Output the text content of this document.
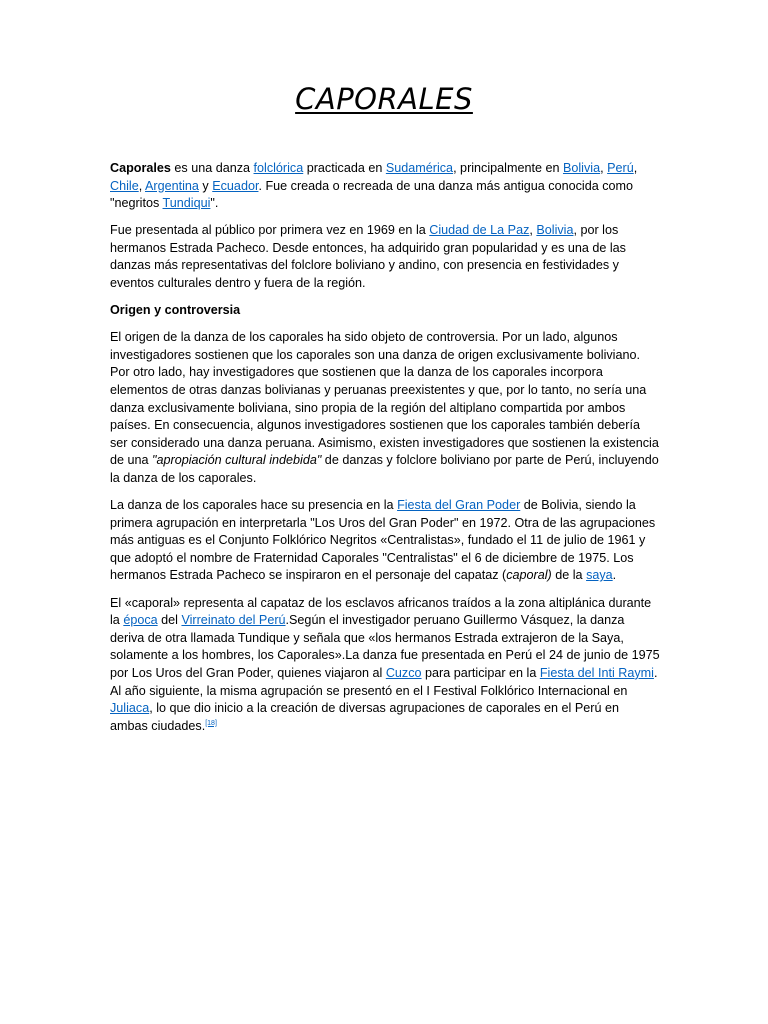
CAPORALES

Caporales es una danza folclórica practicada en Sudamérica, principalmente en Bolivia, Perú, Chile, Argentina y Ecuador. Fue creada o recreada de una danza más antigua conocida como "negritos Tundiqui".

Fue presentada al público por primera vez en 1969 en la Ciudad de La Paz, Bolivia, por los hermanos Estrada Pacheco. Desde entonces, ha adquirido gran popularidad y es una de las danzas más representativas del folclore boliviano y andino, con presencia en festividades y eventos culturales dentro y fuera de la región.

Origen y controversia

El origen de la danza de los caporales ha sido objeto de controversia. Por un lado, algunos investigadores sostienen que los caporales son una danza de origen exclusivamente boliviano. Por otro lado, hay investigadores que sostienen que la danza de los caporales incorpora elementos de otras danzas bolivianas y peruanas preexistentes y que, por lo tanto, no sería una danza exclusivamente boliviana, sino propia de la región del altiplano compartida por ambos países. En consecuencia, algunos investigadores sostienen que los caporales también debería ser considerado una danza peruana. Asimismo, existen investigadores que sostienen la existencia de una "apropiación cultural indebida" de danzas y folclore boliviano por parte de Perú, incluyendo la danza de los caporales.

La danza de los caporales hace su presencia en la Fiesta del Gran Poder de Bolivia, siendo la primera agrupación en interpretarla "Los Uros del Gran Poder" en 1972. Otra de las agrupaciones más antiguas es el Conjunto Folklórico Negritos «Centralistas», fundado el 11 de julio de 1961 y que adoptó el nombre de Fraternidad Caporales "Centralistas" el 6 de diciembre de 1975. Los hermanos Estrada Pacheco se inspiraron en el personaje del capataz (caporal) de la saya.

El «caporal» representa al capataz de los esclavos africanos traídos a la zona altiplánica durante la época del Virreinato del Perú.Según el investigador peruano Guillermo Vásquez, la danza deriva de otra llamada Tundique y señala que «los hermanos Estrada extrajeron de la Saya, solamente a los hombres, los Caporales».La danza fue presentada en Perú el 24 de junio de 1975 por Los Uros del Gran Poder, quienes viajaron al Cuzco para participar en la Fiesta del Inti Raymi. Al año siguiente, la misma agrupación se presentó en el I Festival Folklórico Internacional en Juliaca, lo que dio inicio a la creación de diversas agrupaciones de caporales en el Perú en ambas ciudades.[18]
